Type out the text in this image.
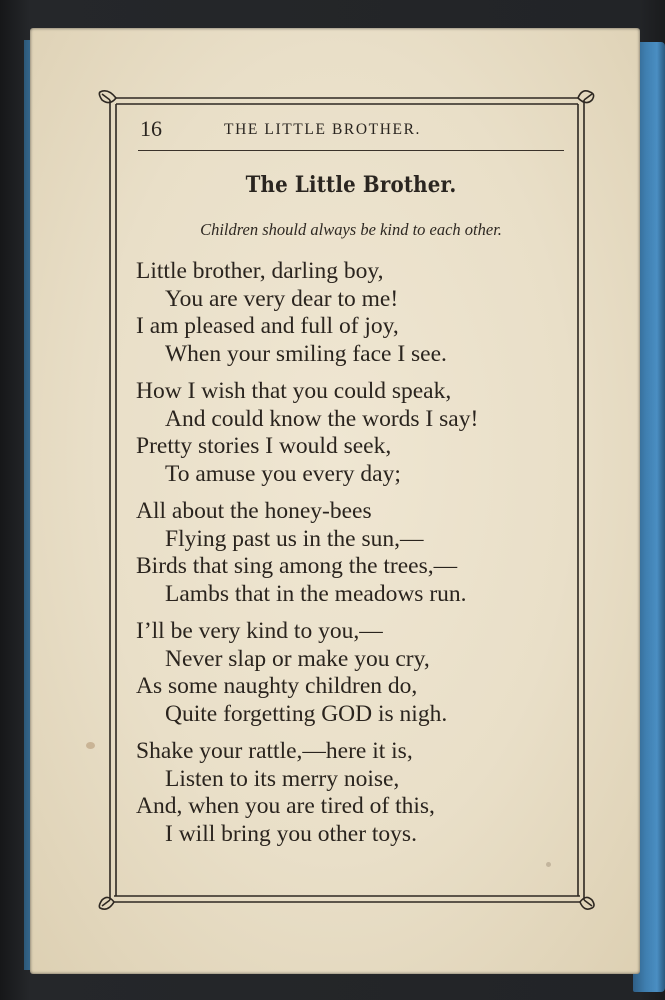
16	THE LITTLE BROTHER.
The Little Brother.
Children should always be kind to each other.
Little brother, darling boy,
You are very dear to me!
I am pleased and full of joy,
When your smiling face I see.
How I wish that you could speak,
And could know the words I say!
Pretty stories I would seek,
To amuse you every day;
All about the honey-bees
Flying past us in the sun,—
Birds that sing among the trees,—
Lambs that in the meadows run.
I’ll be very kind to you,—
Never slap or make you cry,
As some naughty children do,
Quite forgetting GOD is nigh.
Shake your rattle,—here it is,
Listen to its merry noise,
And, when you are tired of this,
I will bring you other toys.
